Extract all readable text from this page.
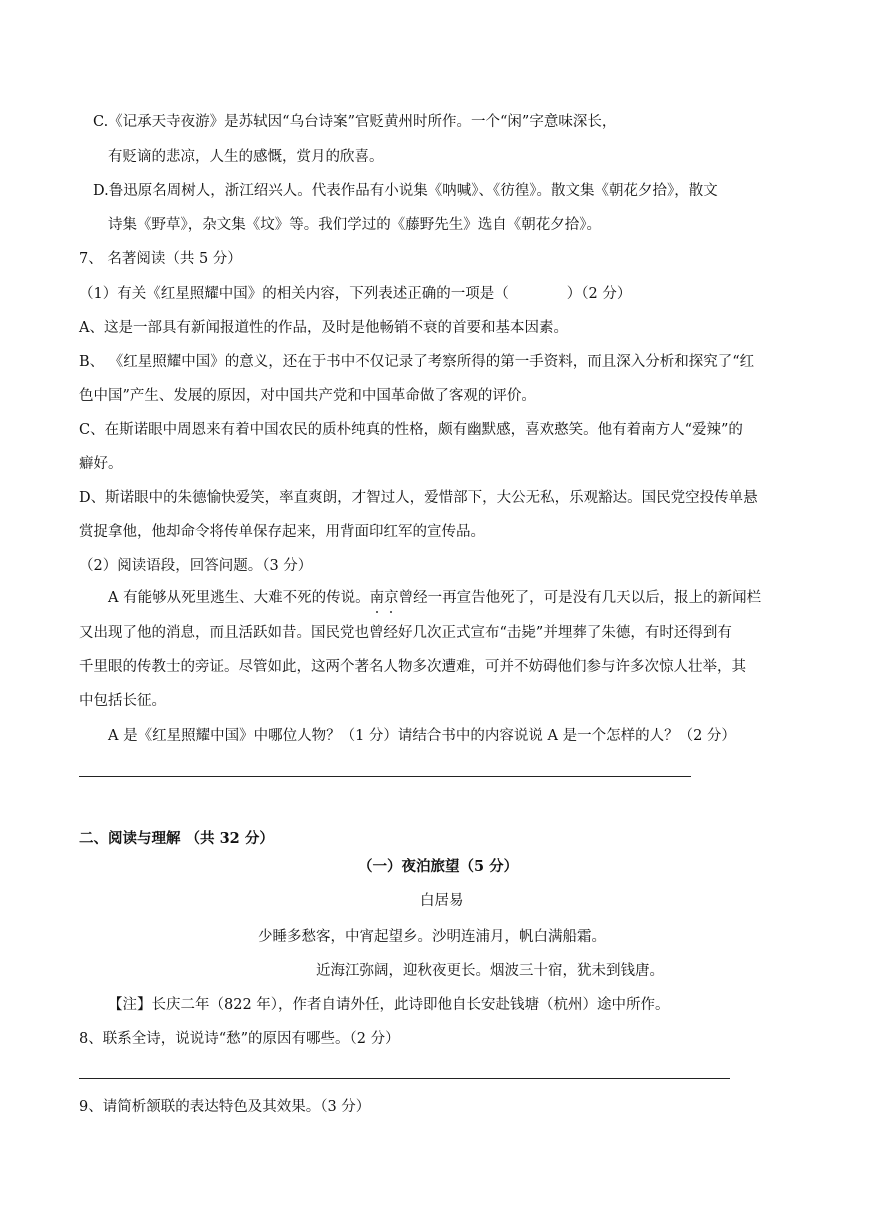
C.《记承天寺夜游》是苏轼因“乌台诗案”官贬黄州时所作。一个“闲”字意味深长，
有贬谪的悲凉，人生的感慨，赏月的欣喜。
D.鲁迅原名周树人，浙江绍兴人。代表作品有小说集《呐喊》、《彷徨》。散文集《朝花夕拾》，散文
诗集《野草》，杂文集《坟》等。我们学过的《藤野先生》选自《朝花夕拾》。
7、 名著阅读（共 5 分）
（1）有关《红星照耀中国》的相关内容，下列表述正确的一项是（	）（2 分）
A、这是一部具有新闻报道性的作品，及时是他畅销不衰的首要和基本因素。
B、 《红星照耀中国》的意义，还在于书中不仅记录了考察所得的第一手资料，而且深入分析和探究了“红
色中国”产生、发展的原因，对中国共产党和中国革命做了客观的评价。
C、在斯诺眼中周恩来有着中国农民的质朴纯真的性格，颇有幽默感，喜欢憨笑。他有着南方人“爱辣”的
癖好。
D、斯诺眼中的朱德愉快爱笑，率直爽朗，才智过人，爱惜部下，大公无私，乐观豁达。国民党空投传单悬
赏捉拿他，他却命令将传单保存起来，用背面印红军的宣传品。
（2）阅读语段，回答问题。（3 分）
A 有能够从死里逃生、大难不死的传说。南京曾经一再宣告他死了，可是没有几天以后，报上的新闻栏
又出现了他的消息，而且活跃如昔。国民党也曾经好几次正式宣布“击毙”并埋葬了朱德，有时还得到有
千里眼的传教士的旁证。尽管如此，这两个著名人物多次遭难，可并不妨碍他们参与许多次惊人壮举，其
中包括长征。
A 是《红星照耀中国》中哪位人物？（1 分）请结合书中的内容说说 A 是一个怎样的人？（2 分）
二、阅读与理解 （共 32 分）
（一）夜泊旅望（5 分）
白居易
少睡多愁客，中宵起望乡。沙明连浦月，帆白满船霜。
近海江弥阔，迎秋夜更长。烟波三十宿，犹未到钱唐。
【注】长庆二年（822 年），作者自请外任，此诗即他自长安赴钱塘（杭州）途中所作。
8、联系全诗，说说诗“愁”的原因有哪些。（2 分）
9、请简析颔联的表达特色及其效果。（3 分）
